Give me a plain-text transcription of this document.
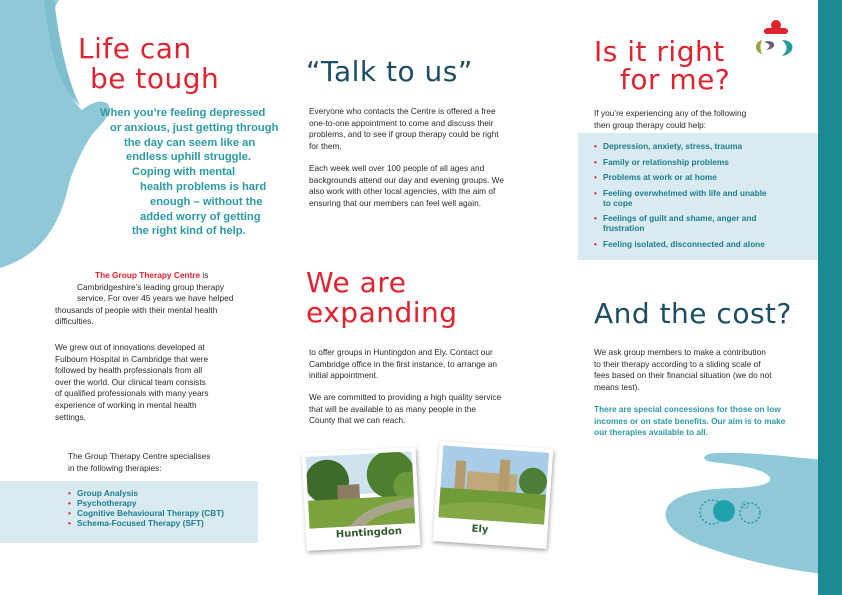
Life can
be tough
When you’re feeling depressed
or anxious, just getting through
the day can seem like an
endless uphill struggle.
Coping with mental
health problems is hard
enough – without the
added worry of getting
the right kind of help.
The Group Therapy Centre is
Cambridgeshire’s leading group therapy
service. For over 45 years we have helped
thousands of people with their mental health
difficulties.
We grew out of innovations developed at
Fulbourn Hospital in Cambridge that were
followed by health professionals from all
over the world. Our clinical team consists
of qualified professionals with many years
experience of working in mental health
settings.
The Group Therapy Centre specialises
in the following therapies:
• Group Analysis
• Psychotherapy
• Cognitive Behavioural Therapy (CBT)
• Schema-Focused Therapy (SFT)
“Talk to us”
Everyone who contacts the Centre is offered a free
one-to-one appointment to come and discuss their
problems, and to see if group therapy could be right
for them.
Each week well over 100 people of all ages and
backgrounds attend our day and evening groups. We
also work with other local agencies, with the aim of
ensuring that our members can feel well again.
We are
expanding
to offer groups in Huntingdon and Ely. Contact our
Cambridge office in the first instance, to arrange an
initial appointment.
We are committed to providing a high quality service
that will be available to as many people in the
County that we can reach.
Huntingdon	Ely
Is it right
for me?
If you’re experiencing any of the following
then group therapy could help:
• Depression, anxiety, stress, trauma
• Family or relationship problems
• Problems at work or at home
• Feeling overwhelmed with life and unable
to cope
• Feelings of guilt and shame, anger and
frustration
• Feeling isolated, disconnected and alone
And the cost?
We ask group members to make a contribution
to their therapy according to a sliding scale of
fees based on their financial situation (we do not
means test).
There are special concessions for those on low
incomes or on state benefits. Our aim is to make
our therapies available to all.
